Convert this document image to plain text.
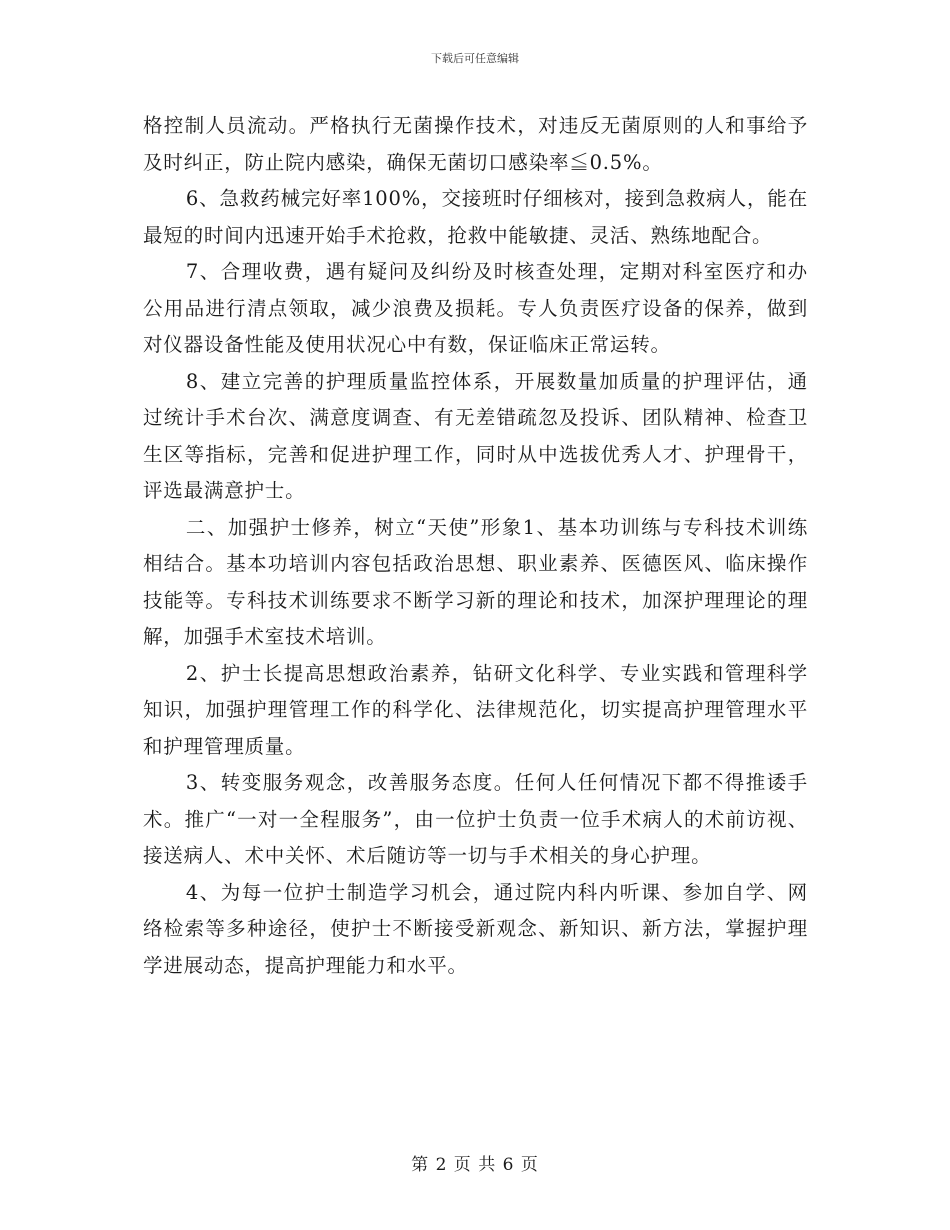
下载后可任意编辑

格控制人员流动。严格执行无菌操作技术，对违反无菌原则的人和事给予及时纠正，防止院内感染，确保无菌切口感染率≦0.5%。

6、急救药械完好率100%，交接班时仔细核对，接到急救病人，能在最短的时间内迅速开始手术抢救，抢救中能敏捷、灵活、熟练地配合。

7、合理收费，遇有疑问及纠纷及时核查处理，定期对科室医疗和办公用品进行清点领取，减少浪费及损耗。专人负责医疗设备的保养，做到对仪器设备性能及使用状况心中有数，保证临床正常运转。

8、建立完善的护理质量监控体系，开展数量加质量的护理评估，通过统计手术台次、满意度调查、有无差错疏忽及投诉、团队精神、检查卫生区等指标，完善和促进护理工作，同时从中选拔优秀人才、护理骨干，评选最满意护士。

二、加强护士修养，树立“天使”形象1、基本功训练与专科技术训练相结合。基本功培训内容包括政治思想、职业素养、医德医风、临床操作技能等。专科技术训练要求不断学习新的理论和技术，加深护理理论的理解，加强手术室技术培训。

2、护士长提高思想政治素养，钻研文化科学、专业实践和管理科学知识，加强护理管理工作的科学化、法律规范化，切实提高护理管理水平和护理管理质量。

3、转变服务观念，改善服务态度。任何人任何情况下都不得推诿手术。推广“一对一全程服务”，由一位护士负责一位手术病人的术前访视、接送病人、术中关怀、术后随访等一切与手术相关的身心护理。

4、为每一位护士制造学习机会，通过院内科内听课、参加自学、网络检索等多种途径，使护士不断接受新观念、新知识、新方法，掌握护理学进展动态，提高护理能力和水平。

第 2 页 共 6 页
